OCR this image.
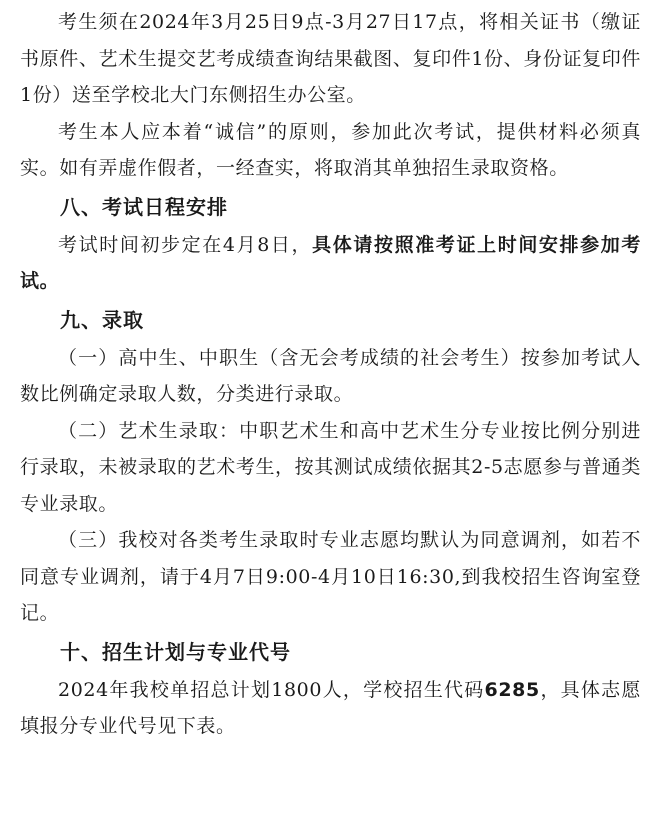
考生须在2024年3月25日9点-3月27日17点，将相关证书（缴证书原件、艺术生提交艺考成绩查询结果截图、复印件1份、身份证复印件1份）送至学校北大门东侧招生办公室。

考生本人应本着“诚信”的原则，参加此次考试，提供材料必须真实。如有弄虚作假者，一经查实，将取消其单独招生录取资格。

八、考试日程安排

考试时间初步定在4月8日，具体请按照准考证上时间安排参加考试。

九、录取

（一）高中生、中职生（含无会考成绩的社会考生）按参加考试人数比例确定录取人数，分类进行录取。

（二）艺术生录取：中职艺术生和高中艺术生分专业按比例分别进行录取，未被录取的艺术考生，按其测试成绩依据其2-5志愿参与普通类专业录取。

（三）我校对各类考生录取时专业志愿均默认为同意调剂，如若不同意专业调剂，请于4月7日9:00-4月10日16:30,到我校招生咨询室登记。

十、招生计划与专业代号

2024年我校单招总计划1800人，学校招生代码6285，具体志愿填报分专业代号见下表。
